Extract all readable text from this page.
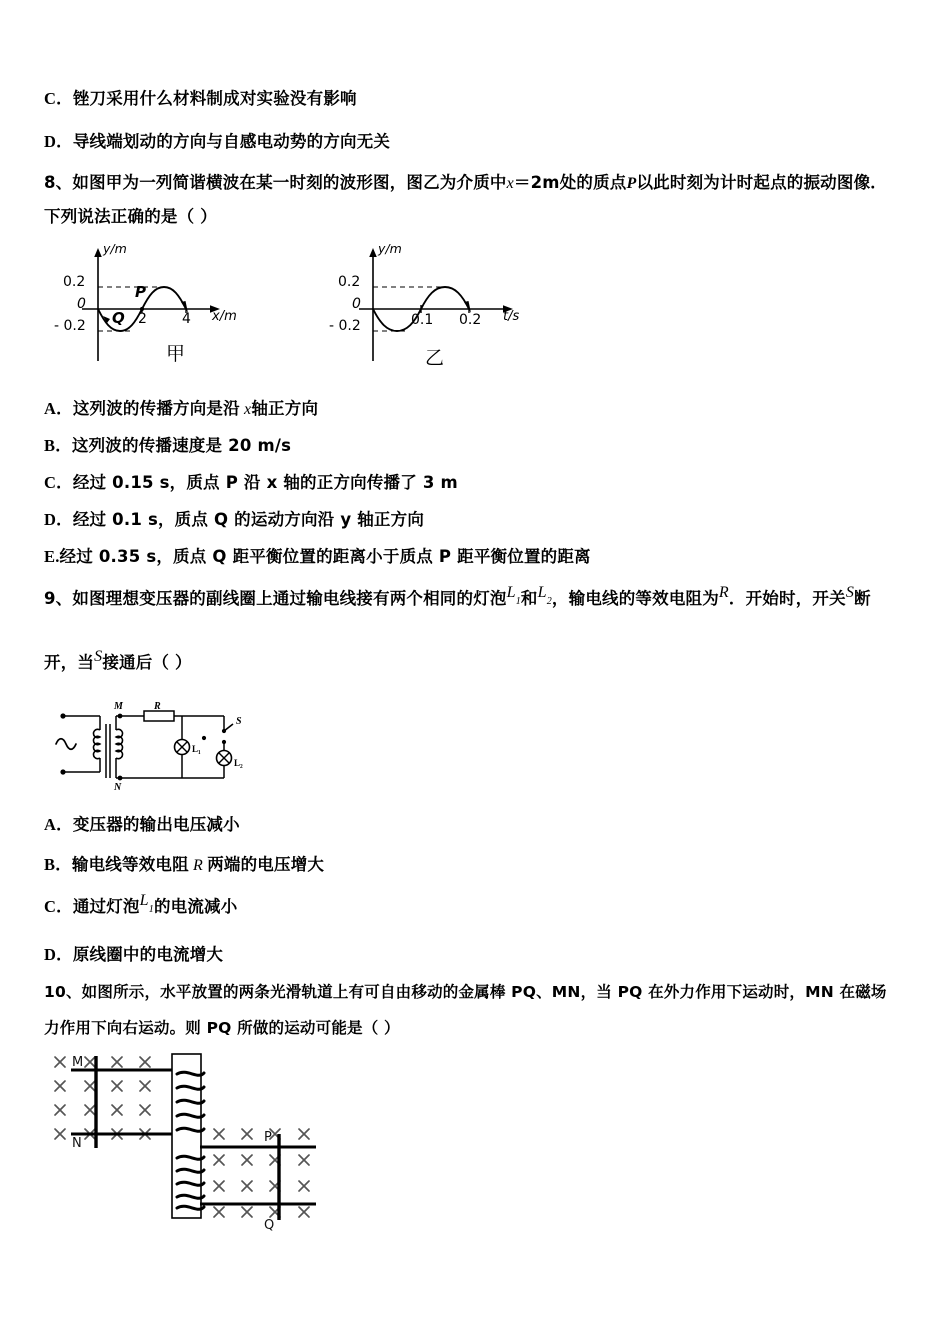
C．锉刀采用什么材料制成对实验没有影响
D．导线端划动的方向与自感电动势的方向无关
8、如图甲为一列简谐横波在某一时刻的波形图，图乙为介质中x＝2m处的质点P以此时刻为计时起点的振动图像．
下列说法正确的是（ ）
y/m
x/m
0.2
0
- 0.2	2	4
P
Q
甲
y/m
t/s
0.2
0
- 0.2	0.1 0.2
乙
A．这列波的传播方向是沿 x轴正方向
B．这列波的传播速度是 20 m/s
C．经过 0.15 s，质点 P 沿 x 轴的正方向传播了 3 m
D．经过 0.1 s，质点 Q 的运动方向沿 y 轴正方向
E.经过 0.35 s，质点 Q 距平衡位置的距离小于质点 P 距平衡位置的距离
9、如图理想变压器的副线圈上通过输电线接有两个相同的灯泡$L_1$和$L_2$，输电线的等效电阻为R．开始时，开关S断
开，当S接通后（ ）
M	R
N
L₁
L₂
S
A．变压器的输出电压减小
B．输电线等效电阻 R 两端的电压增大
C．通过灯泡$L_1$的电流减小
D．原线圈中的电流增大
10、如图所示，水平放置的两条光滑轨道上有可自由移动的金属棒 PQ、MN，当 PQ 在外力作用下运动时，MN 在磁场
力作用下向右运动。则 PQ 所做的运动可能是（ ）
M
N	P
Q
